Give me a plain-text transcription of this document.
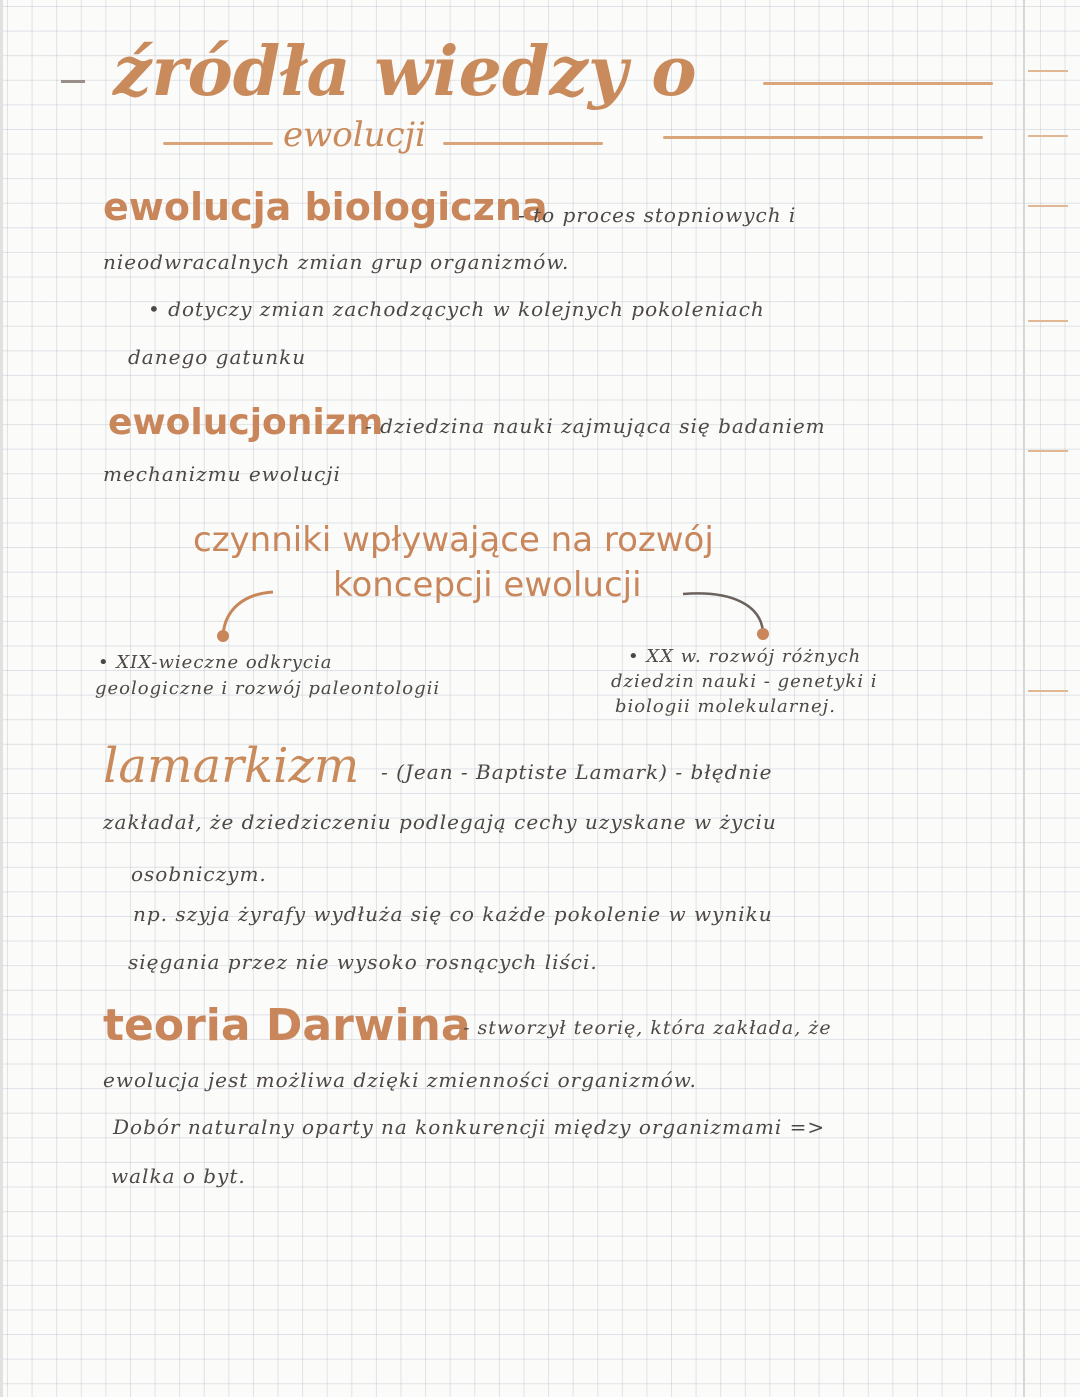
źródła wiedzy o
ewolucji
ewolucja biologiczna
- to proces stopniowych i
nieodwracalnych zmian grup organizmów.
• dotyczy zmian zachodzących w kolejnych pokoleniach
danego gatunku
ewolucjonizm
- dziedzina nauki zajmująca się badaniem
mechanizmu ewolucji
czynniki wpływające na rozwój
koncepcji ewolucji
• XIX-wieczne odkrycia
geologiczne i rozwój paleontologii
• XX w. rozwój różnych
dziedzin nauki - genetyki i
biologii molekularnej.
lamarkizm - (Jean - Baptiste Lamark) - błędnie
zakładał, że dziedziczeniu podlegają cechy uzyskane w życiu
osobniczym.
np. szyja żyrafy wydłuża się co każde pokolenie w wyniku
sięgania przez nie wysoko rosnących liści.
teoria Darwina
- stworzył teorię, która zakłada, że
ewolucja jest możliwa dzięki zmienności organizmów.
Dobór naturalny oparty na konkurencji między organizmami =>
walka o byt.
